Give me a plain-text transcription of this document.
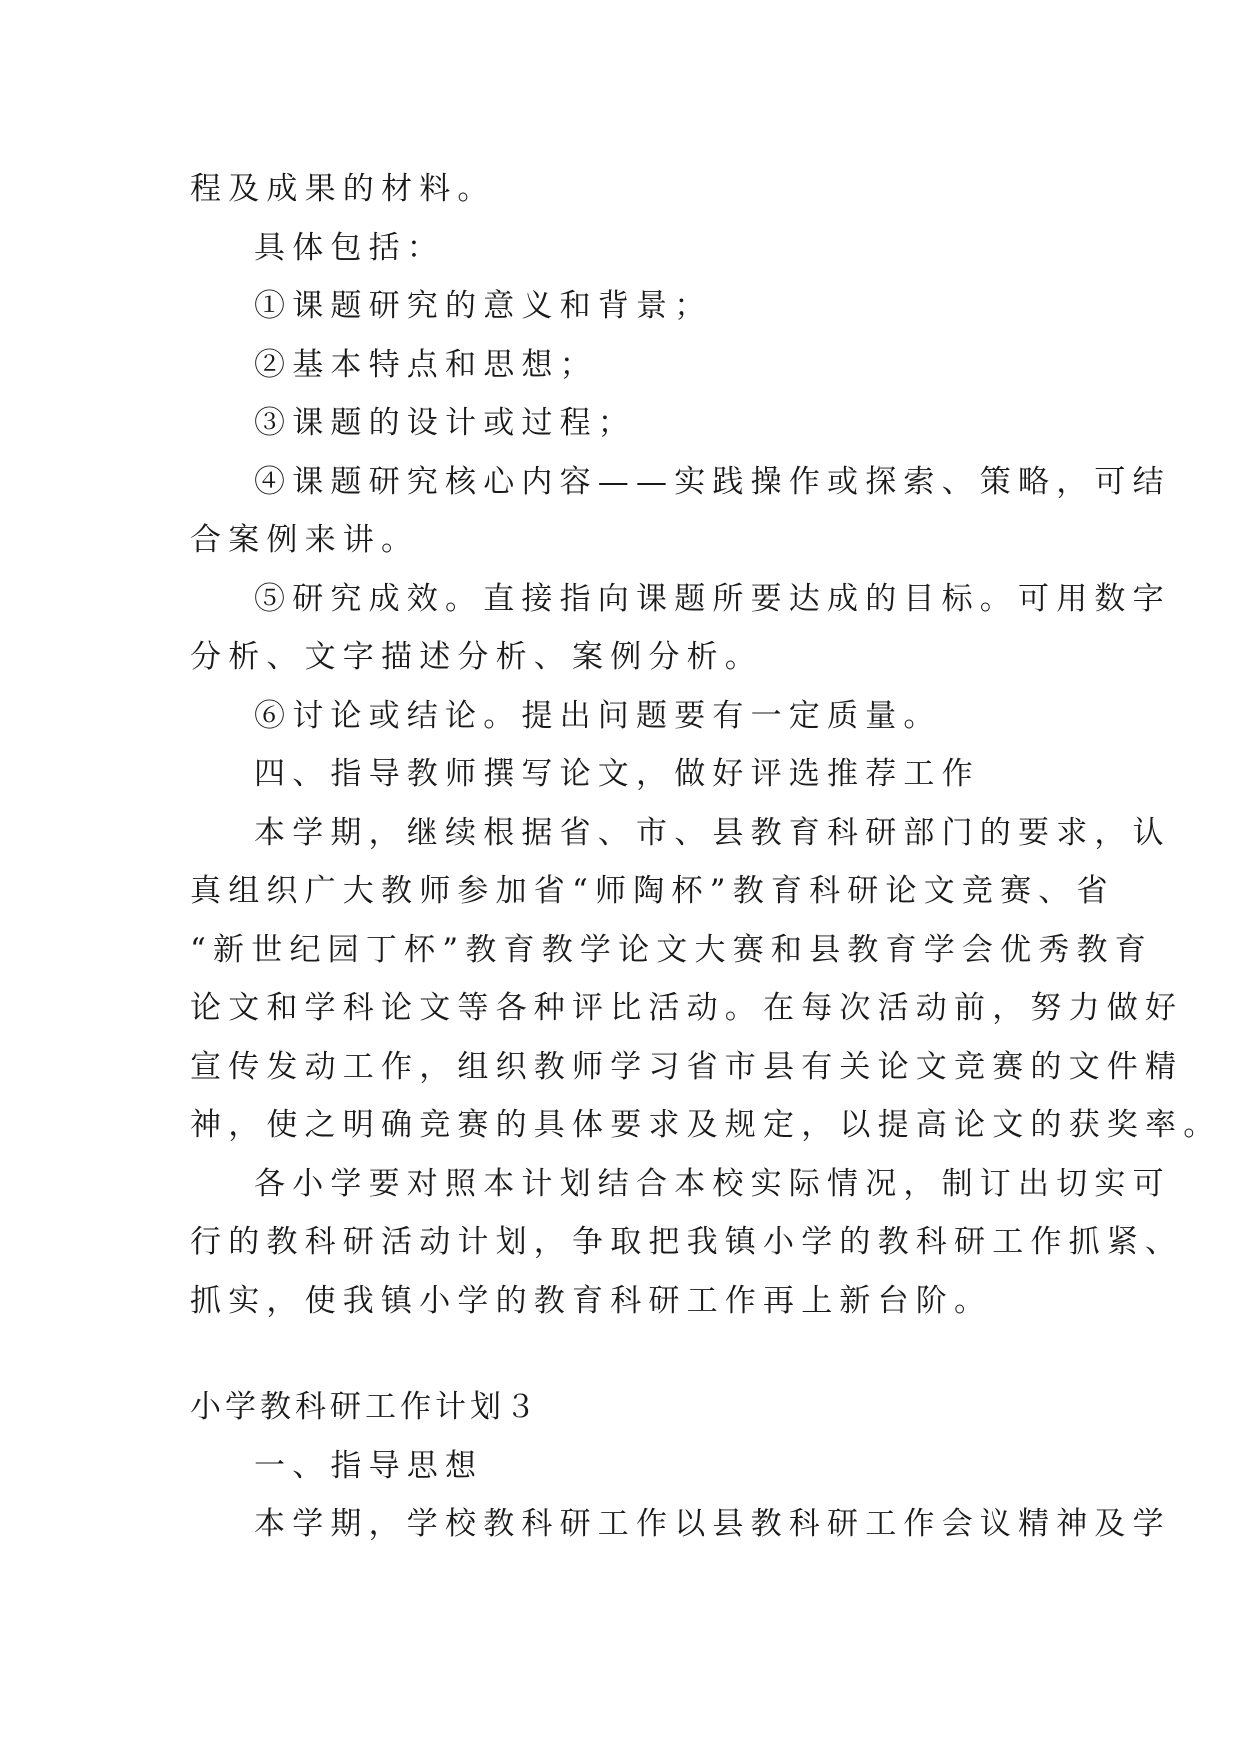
程及成果的材料。
具体包括：
①课题研究的意义和背景；
②基本特点和思想；
③课题的设计或过程；
④课题研究核心内容——实践操作或探索、策略，可结
合案例来讲。
⑤研究成效。直接指向课题所要达成的目标。可用数字
分析、文字描述分析、案例分析。
⑥讨论或结论。提出问题要有一定质量。
四、指导教师撰写论文，做好评选推荐工作
本学期，继续根据省、市、县教育科研部门的要求，认
真组织广大教师参加省“师陶杯”教育科研论文竞赛、省
“新世纪园丁杯”教育教学论文大赛和县教育学会优秀教育
论文和学科论文等各种评比活动。在每次活动前，努力做好
宣传发动工作，组织教师学习省市县有关论文竞赛的文件精
神，使之明确竞赛的具体要求及规定，以提高论文的获奖率。
各小学要对照本计划结合本校实际情况，制订出切实可
行的教科研活动计划，争取把我镇小学的教科研工作抓紧、
抓实，使我镇小学的教育科研工作再上新台阶。
小学教科研工作计划３
一、指导思想
本学期，学校教科研工作以县教科研工作会议精神及学
